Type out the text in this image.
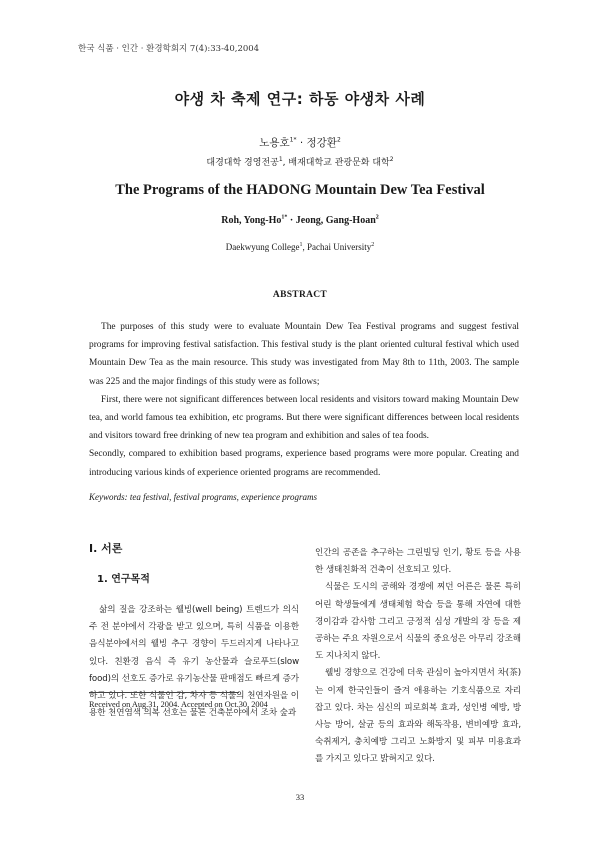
한국 식품 · 인간 · 환경학회지 7(4):33-40,2004
야생 차 축제 연구: 하동 야생차 사례
노용호$^{1*}$ · 정강환$^2$
대경대학 경영전공$^1$, 배재대학교 관광문화 대학$^2$
The Programs of the HADONG Mountain Dew Tea Festival
Roh, Yong-$Ho^{1*}$ · Jeong, Gang-Hoan$^2$
Daekwyung College$^1$, Pachai University$^2$
ABSTRACT

The purposes of this study were to evaluate Mountain Dew Tea Festival programs and suggest festival programs for improving festival satisfaction. This festival study is the plant oriented cultural festival which used Mountain Dew Tea as the main resource. This study was investigated from May 8th to 11th, 2003. The sample was 225 and the major findings of this study were as follows;

First, there were not significant differences between local residents and visitors toward making Mountain Dew tea, and world famous tea exhibition, etc programs. But there were significant differences between local residents and visitors toward free drinking of new tea program and exhibition and sales of tea foods.

Secondly, compared to exhibition based programs, experience based programs were more popular. Creating and introducing various kinds of experience oriented programs are recommended.

Keywords: tea festival, festival programs, experience programs
I. 서론
1. 연구목적

삶의 질을 강조하는 웰빙(well being) 트렌드가 의식주 전 분야에서 각광을 받고 있으며, 특히 식품을 이용한 음식분야에서의 웰빙 추구 경향이 두드러지게 나타나고 있다. 친환경 음식 즉 유기 농산물과 슬로푸드(slow food)의 선호도 증가로 유기농산물 판매점도 빠르게 증가 하고 있다. 또한 식물인 감, 차자 등 식물의 천연자원을 이용한 천연염색 의복 선호는 물론 건축분야에서 조차 숲과

인간의 공존을 추구하는 그린빌딩 인기, 황토 등을 사용한 생태친화적 건축이 선호되고 있다.

식물은 도시의 공해와 경쟁에 찌던 어른은 물론 특히 어린 학생들에게 생태체험 학습 등을 통해 자연에 대한 경이감과 감사함 그리고 긍정적 심성 개발의 장 등을 제공하는 주요 자원으로서 식물의 중요성은 아무리 강조해도 지나치지 않다.

웰빙 경향으로 건강에 더욱 관심이 높아지면서 차(茶)는 이제 한국인들이 즐겨 애용하는 기호식품으로 자리 잡고 있다. 차는 심신의 피로회복 효과, 성인병 예방, 방사능 방어, 살균 등의 효과와 해독작용, 변비예방 효과, 숙취제거, 충치예방 그리고 노화방지 및 피부 미용효과를 가지고 있다고 밝혀지고 있다.

Received on Aug.31, 2004. Accepted on Oct.30, 2004
33
